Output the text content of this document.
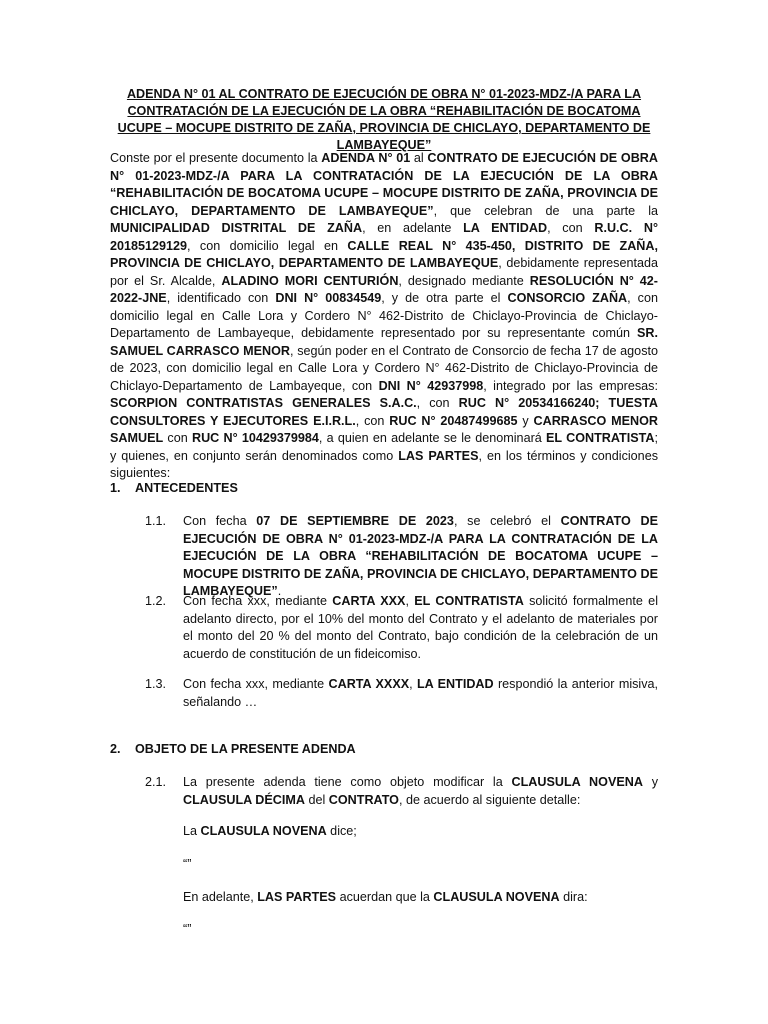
ADENDA N° 01 AL CONTRATO DE EJECUCIÓN DE OBRA N° 01-2023-MDZ-/A PARA LA CONTRATACIÓN DE LA EJECUCIÓN DE LA OBRA “REHABILITACIÓN DE BOCATOMA UCUPE – MOCUPE DISTRITO DE ZAÑA, PROVINCIA DE CHICLAYO, DEPARTAMENTO DE LAMBAYEQUE”

Conste por el presente documento la ADENDA N° 01 al CONTRATO DE EJECUCIÓN DE OBRA N° 01-2023-MDZ-/A PARA LA CONTRATACIÓN DE LA EJECUCIÓN DE LA OBRA “REHABILITACIÓN DE BOCATOMA UCUPE – MOCUPE DISTRITO DE ZAÑA, PROVINCIA DE CHICLAYO, DEPARTAMENTO DE LAMBAYEQUE”, que celebran de una parte la MUNICIPALIDAD DISTRITAL DE ZAÑA, en adelante LA ENTIDAD, con R.U.C. N° 20185129129, con domicilio legal en CALLE REAL N° 435-450, DISTRITO DE ZAÑA, PROVINCIA DE CHICLAYO, DEPARTAMENTO DE LAMBAYEQUE, debidamente representada por el Sr. Alcalde, ALADINO MORI CENTURIÓN, designado mediante RESOLUCIÓN N° 42-2022-JNE, identificado con DNI N° 00834549, y de otra parte el CONSORCIO ZAÑA, con domicilio legal en Calle Lora y Cordero N° 462-Distrito de Chiclayo-Provincia de Chiclayo-Departamento de Lambayeque, debidamente representado por su representante común SR. SAMUEL CARRASCO MENOR, según poder en el Contrato de Consorcio de fecha 17 de agosto de 2023, con domicilio legal en Calle Lora y Cordero N° 462-Distrito de Chiclayo-Provincia de Chiclayo-Departamento de Lambayeque, con DNI N° 42937998, integrado por las empresas: SCORPION CONTRATISTAS GENERALES S.A.C., con RUC N° 20534166240; TUESTA CONSULTORES Y EJECUTORES E.I.R.L., con RUC N° 20487499685 y CARRASCO MENOR SAMUEL con RUC N° 10429379984, a quien en adelante se le denominará EL CONTRATISTA; y quienes, en conjunto serán denominados como LAS PARTES, en los términos y condiciones siguientes:

1. ANTECEDENTES

1.1.	Con fecha 07 DE SEPTIEMBRE DE 2023, se celebró el CONTRATO DE EJECUCIÓN DE OBRA N° 01-2023-MDZ-/A PARA LA CONTRATACIÓN DE LA EJECUCIÓN DE LA OBRA “REHABILITACIÓN DE BOCATOMA UCUPE – MOCUPE DISTRITO DE ZAÑA, PROVINCIA DE CHICLAYO, DEPARTAMENTO DE LAMBAYEQUE”.

1.2.	Con fecha xxx, mediante CARTA XXX, EL CONTRATISTA solicitó formalmente el adelanto directo, por el 10% del monto del Contrato y el adelanto de materiales por el monto del 20 % del monto del Contrato, bajo condición de la celebración de un acuerdo de constitución de un fideicomiso.

1.3.	Con fecha xxx, mediante CARTA XXXX, LA ENTIDAD respondió la anterior misiva, señalando …

2. OBJETO DE LA PRESENTE ADENDA

2.1.	La presente adenda tiene como objeto modificar la CLAUSULA NOVENA y CLAUSULA DÉCIMA del CONTRATO, de acuerdo al siguiente detalle:

La CLAUSULA NOVENA dice;

“”

En adelante, LAS PARTES acuerdan que la CLAUSULA NOVENA dira:

“”
